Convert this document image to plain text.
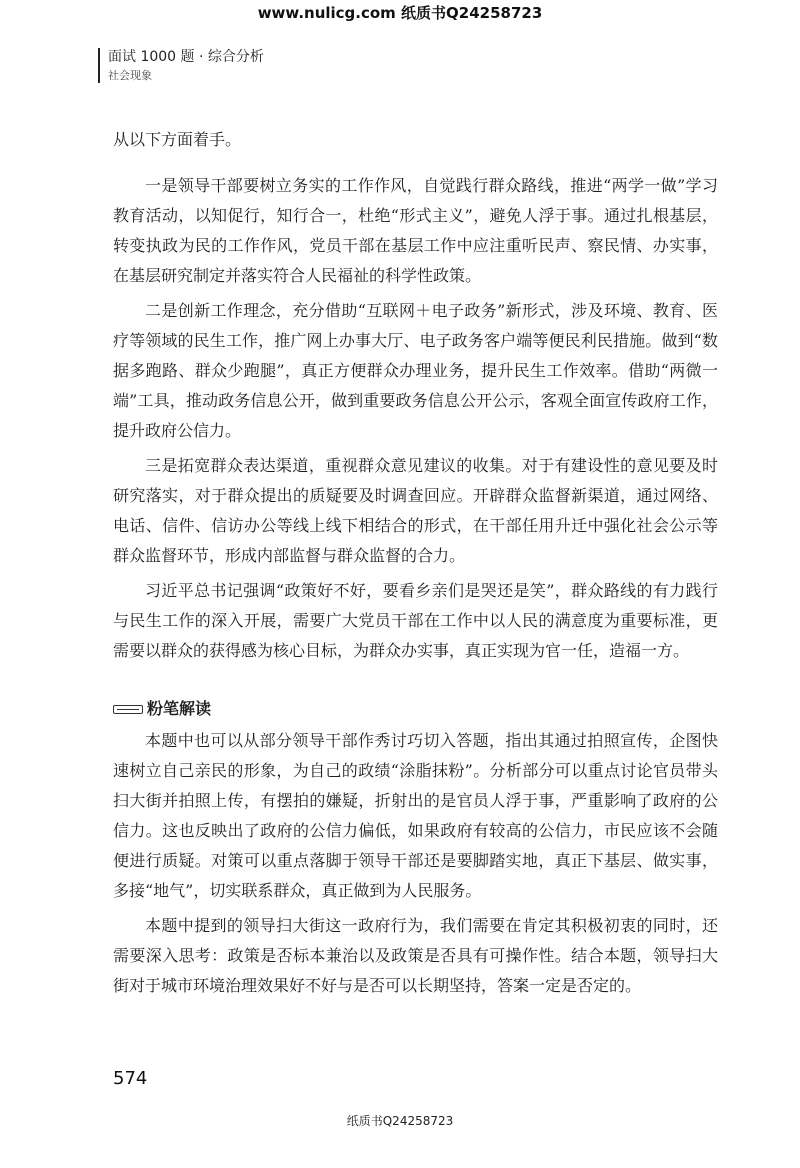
www.nulicg.com 纸质书Q24258723
面试 1000 题 · 综合分析
社会现象

从以下方面着手。

一是领导干部要树立务实的工作作风，自觉践行群众路线，推进“两学一做”学习教育活动，以知促行，知行合一，杜绝“形式主义”，避免人浮于事。通过扎根基层，转变执政为民的工作作风，党员干部在基层工作中应注重听民声、察民情、办实事，在基层研究制定并落实符合人民福祉的科学性政策。

二是创新工作理念，充分借助“互联网＋电子政务”新形式，涉及环境、教育、医疗等领域的民生工作，推广网上办事大厅、电子政务客户端等便民利民措施。做到“数据多跑路、群众少跑腿”，真正方便群众办理业务，提升民生工作效率。借助“两微一端”工具，推动政务信息公开，做到重要政务信息公开公示，客观全面宣传政府工作，提升政府公信力。

三是拓宽群众表达渠道，重视群众意见建议的收集。对于有建设性的意见要及时研究落实，对于群众提出的质疑要及时调查回应。开辟群众监督新渠道，通过网络、电话、信件、信访办公等线上线下相结合的形式，在干部任用升迁中强化社会公示等群众监督环节，形成内部监督与群众监督的合力。

习近平总书记强调“政策好不好，要看乡亲们是哭还是笑”，群众路线的有力践行与民生工作的深入开展，需要广大党员干部在工作中以人民的满意度为重要标准，更需要以群众的获得感为核心目标，为群众办实事，真正实现为官一任，造福一方。

粉笔解读

本题中也可以从部分领导干部作秀讨巧切入答题，指出其通过拍照宣传，企图快速树立自己亲民的形象，为自己的政绩“涂脂抹粉”。分析部分可以重点讨论官员带头扫大街并拍照上传，有摆拍的嫌疑，折射出的是官员人浮于事，严重影响了政府的公信力。这也反映出了政府的公信力偏低，如果政府有较高的公信力，市民应该不会随便进行质疑。对策可以重点落脚于领导干部还是要脚踏实地，真正下基层、做实事，多接“地气”，切实联系群众，真正做到为人民服务。

本题中提到的领导扫大街这一政府行为，我们需要在肯定其积极初衷的同时，还需要深入思考：政策是否标本兼治以及政策是否具有可操作性。结合本题，领导扫大街对于城市环境治理效果好不好与是否可以长期坚持，答案一定是否定的。

574
纸质书Q24258723
